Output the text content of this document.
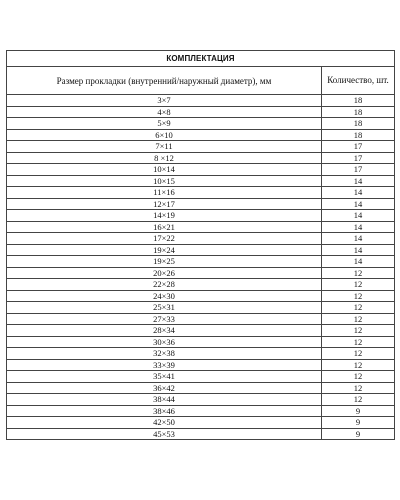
КОМПЛЕКТАЦИЯ	
Размер прокладки (внутренний/наружный диаметр), мм	Количество, шт.
3×7	18
4×8	18
5×9	18
6×10	18
7×11	17
8 ×12	17
10×14	17
10×15	14
11×16	14
12×17	14
14×19	14
16×21	14
17×22	14
19×24	14
19×25	14
20×26	12
22×28	12
24×30	12
25×31	12
27×33	12
28×34	12
30×36	12
32×38	12
33×39	12
35×41	12
36×42	12
38×44	12
38×46	9
42×50	9
45×53	9
